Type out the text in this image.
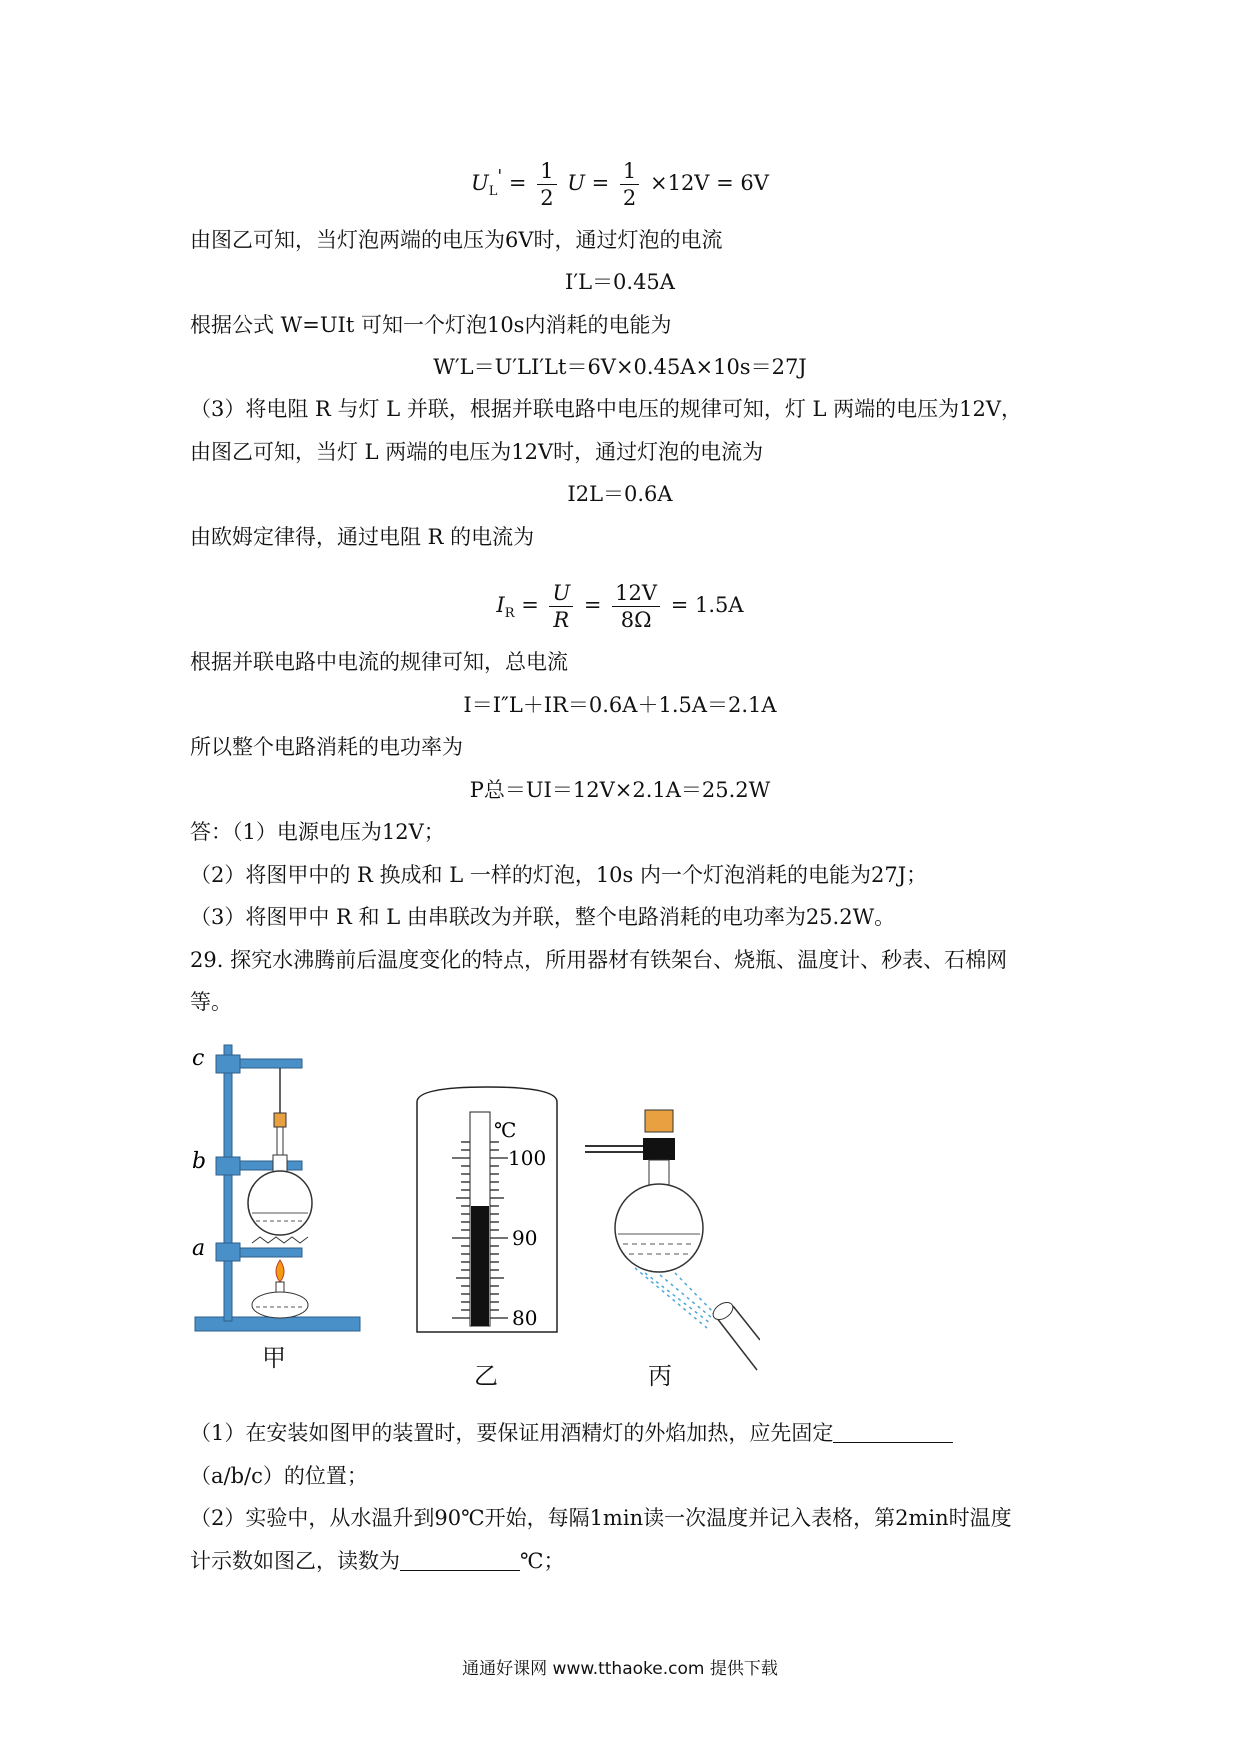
$U_L' = \frac{1}{2}$ $U = \frac{1}{2} \times 12V = 6V$
由图乙可知，当灯泡两端的电压为6V时，通过灯泡的电流
I′L＝0.45A
根据公式 W=UIt 可知一个灯泡10s内消耗的电能为
W′L＝U′LI′Lt＝6V×0.45A×10s＝27J
（3）将电阻 R 与灯 L 并联，根据并联电路中电压的规律可知，灯 L 两端的电压为12V，
由图乙可知，当灯 L 两端的电压为12V时，通过灯泡的电流为
I2L＝0.6A
由欧姆定律得，通过电阻 R 的电流为
$I_R = \frac{U}{R} = \frac{12V}{8\Omega} = 1.5A$
根据并联电路中电流的规律可知，总电流
I＝I″L＋IR＝0.6A＋1.5A＝2.1A
所以整个电路消耗的电功率为
P总＝UI＝12V×2.1A＝25.2W
答：（1）电源电压为12V；
（2）将图甲中的 R 换成和 L 一样的灯泡，10s 内一个灯泡消耗的电能为27J；
（3）将图甲中 R 和 L 由串联改为并联，整个电路消耗的电功率为25.2W。
29. 探究水沸腾前后温度变化的特点，所用器材有铁架台、烧瓶、温度计、秒表、石棉网
等。
c
b
a
甲
℃
100
90
80
乙	丙
（1）在安装如图甲的装置时，要保证用酒精灯的外焰加热，应先固定
（a/b/c）的位置；
（2）实验中，从水温升到90℃开始，每隔1min读一次温度并记入表格，第2min时温度
计示数如图乙，读数为	℃；
通通好课网 www.tthaoke.com 提供下载
